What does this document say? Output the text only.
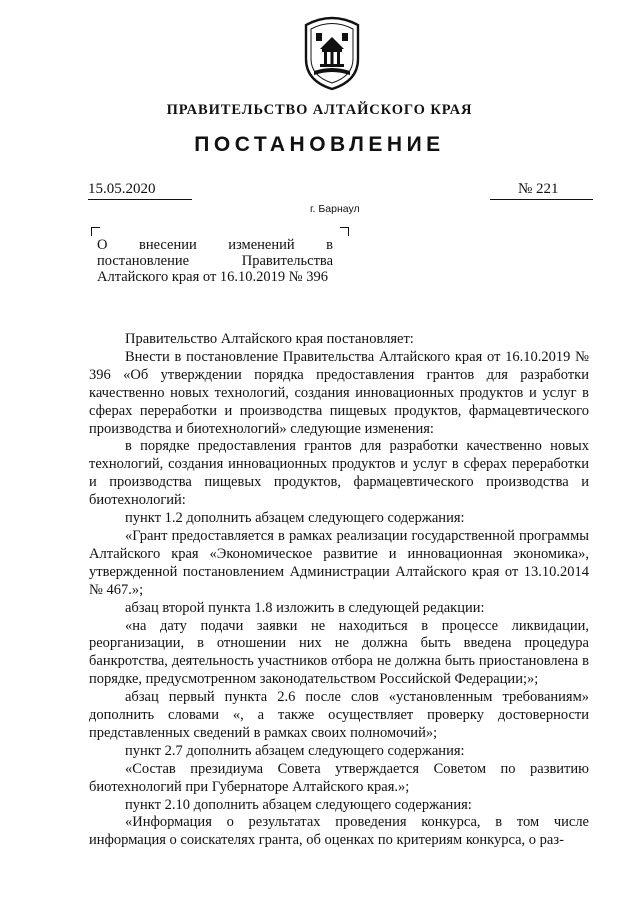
ПРАВИТЕЛЬСТВО АЛТАЙСКОГО КРАЯ
ПОСТАНОВЛЕНИЕ
15.05.2020	№ 221
г. Барнаул
О внесении изменений в постановление Правительства Алтайского края от 16.10.2019 № 396

Правительство Алтайского края постановляет:

Внести в постановление Правительства Алтайского края от 16.10.2019 № 396 «Об утверждении порядка предоставления грантов для разработки качественно новых технологий, создания инновационных продуктов и услуг в сферах переработки и производства пищевых продуктов, фармацевтического производства и биотехнологий» следующие изменения:

в порядке предоставления грантов для разработки качественно новых технологий, создания инновационных продуктов и услуг в сферах переработки и производства пищевых продуктов, фармацевтического производства и биотехнологий:

пункт 1.2 дополнить абзацем следующего содержания:

«Грант предоставляется в рамках реализации государственной программы Алтайского края «Экономическое развитие и инновационная экономика», утвержденной постановлением Администрации Алтайского края от 13.10.2014 № 467.»;

абзац второй пункта 1.8 изложить в следующей редакции:

«на дату подачи заявки не находиться в процессе ликвидации, реорганизации, в отношении них не должна быть введена процедура банкротства, деятельность участников отбора не должна быть приостановлена в порядке, предусмотренном законодательством Российской Федерации;»;

абзац первый пункта 2.6 после слов «установленным требованиям» дополнить словами «, а также осуществляет проверку достоверности представленных сведений в рамках своих полномочий»;

пункт 2.7 дополнить абзацем следующего содержания:

«Состав президиума Совета утверждается Советом по развитию биотехнологий при Губернаторе Алтайского края.»;

пункт 2.10 дополнить абзацем следующего содержания:

«Информация о результатах проведения конкурса, в том числе информация о соискателях гранта, об оценках по критериям конкурса, о раз-
